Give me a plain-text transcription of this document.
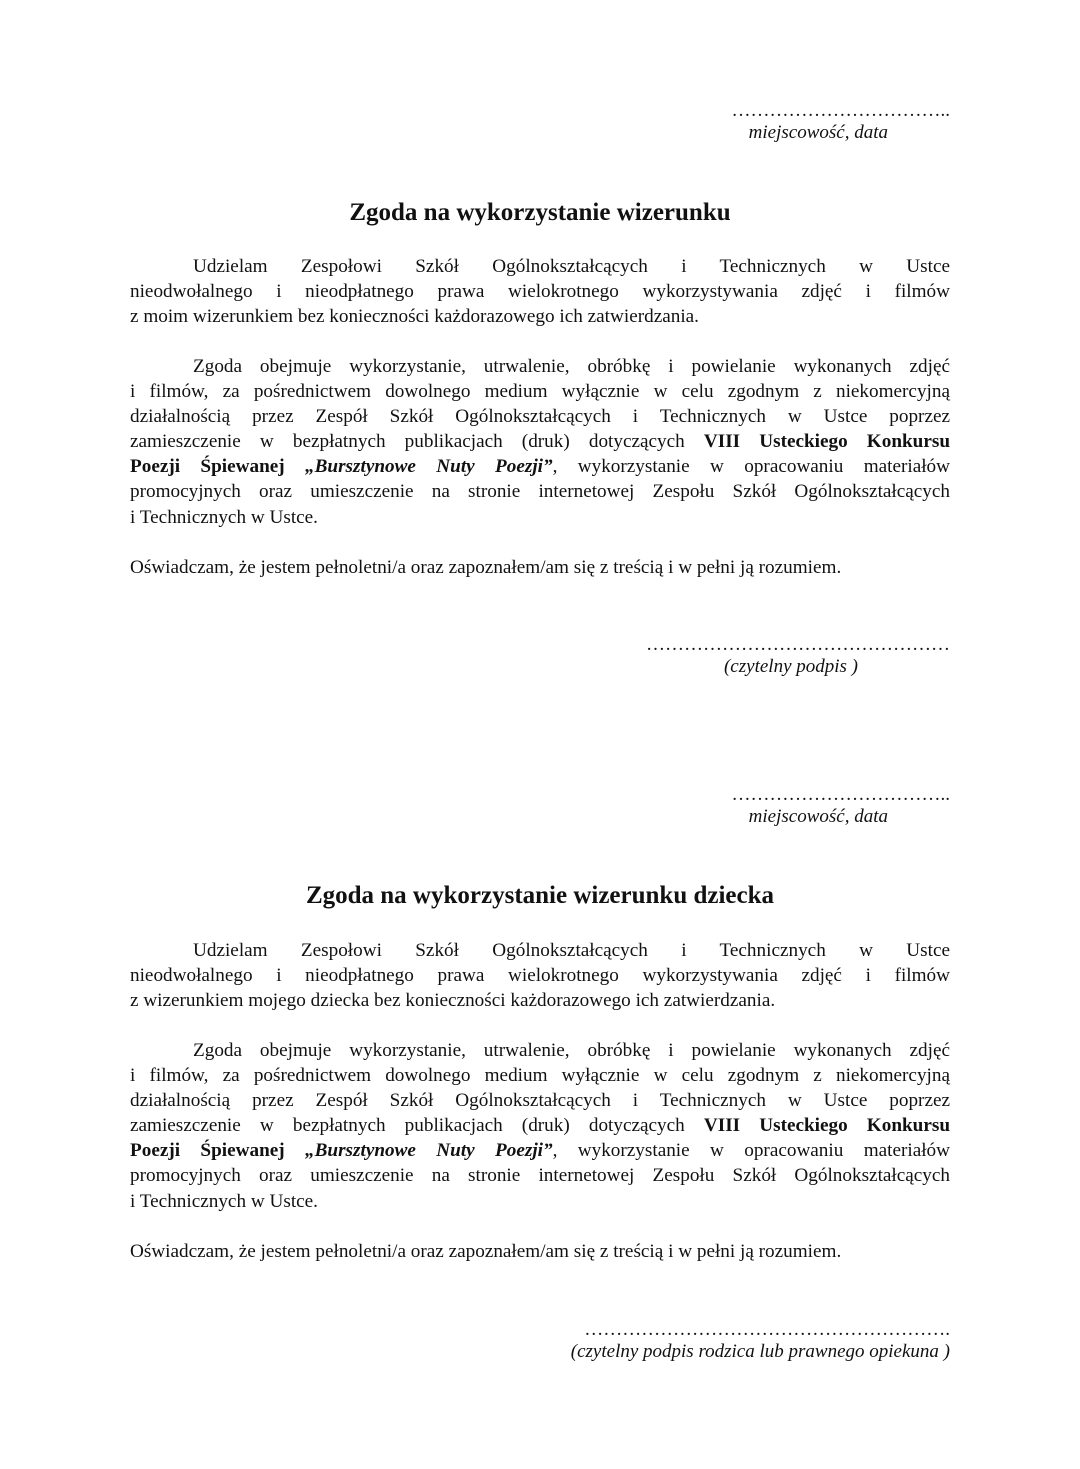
……………………………..
miejscowość, data
Zgoda na wykorzystanie wizerunku
Udzielam Zespołowi Szkół Ogólnokształcących i Technicznych w Ustce
nieodwołalnego i nieodpłatnego prawa wielokrotnego wykorzystywania zdjęć i filmów
z moim wizerunkiem bez konieczności każdorazowego ich zatwierdzania.
Zgoda obejmuje wykorzystanie, utrwalenie, obróbkę i powielanie wykonanych zdjęć
i filmów, za pośrednictwem dowolnego medium wyłącznie w celu zgodnym z niekomercyjną
działalnością przez Zespół Szkół Ogólnokształcących i Technicznych w Ustce poprzez
zamieszczenie w bezpłatnych publikacjach (druk) dotyczących VIII Usteckiego Konkursu
Poezji Śpiewanej „Bursztynowe Nuty Poezji”, wykorzystanie w opracowaniu materiałów
promocyjnych oraz umieszczenie na stronie internetowej Zespołu Szkół Ogólnokształcących
i Technicznych w Ustce.
Oświadczam, że jestem pełnoletni/a oraz zapoznałem/am się z treścią i w pełni ją rozumiem.
…………………………………………
(czytelny podpis )
……………………………..
miejscowość, data
Zgoda na wykorzystanie wizerunku dziecka
Udzielam Zespołowi Szkół Ogólnokształcących i Technicznych w Ustce
nieodwołalnego i nieodpłatnego prawa wielokrotnego wykorzystywania zdjęć i filmów
z wizerunkiem mojego dziecka bez konieczności każdorazowego ich zatwierdzania.
Zgoda obejmuje wykorzystanie, utrwalenie, obróbkę i powielanie wykonanych zdjęć
i filmów, za pośrednictwem dowolnego medium wyłącznie w celu zgodnym z niekomercyjną
działalnością przez Zespół Szkół Ogólnokształcących i Technicznych w Ustce poprzez
zamieszczenie w bezpłatnych publikacjach (druk) dotyczących VIII Usteckiego Konkursu
Poezji Śpiewanej „Bursztynowe Nuty Poezji”, wykorzystanie w opracowaniu materiałów
promocyjnych oraz umieszczenie na stronie internetowej Zespołu Szkół Ogólnokształcących
i Technicznych w Ustce.
Oświadczam, że jestem pełnoletni/a oraz zapoznałem/am się z treścią i w pełni ją rozumiem.
………………………………………………….
(czytelny podpis rodzica lub prawnego opiekuna )
